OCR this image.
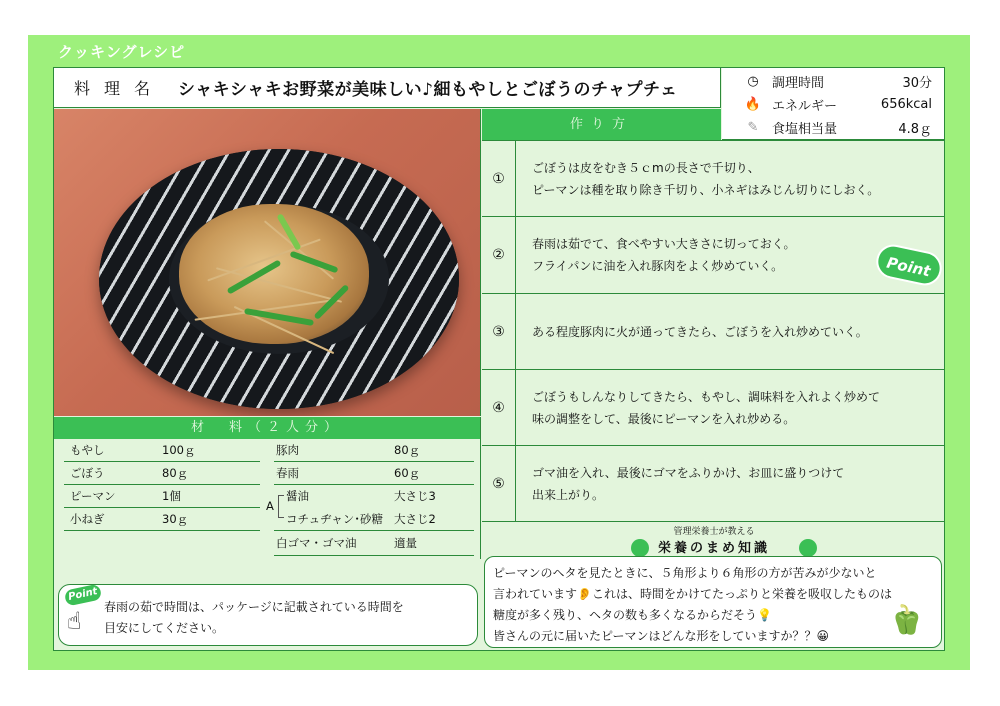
クッキングレシピ
料理名 シャキシャキお野菜が美味しい♪細もやしとごぼうのチャプチェ	◷	調理時間	30分
🔥 エネルギー	656kcal
✎	食塩相当量	4.8ｇ
材　料（２人分）
もやし	100ｇ
ごぼう	80ｇ
ピーマン	1個
小ねぎ	30ｇ
豚肉	80ｇ
春雨	60ｇ
醤油	大さじ3
コチュヂャン･砂糖 大さじ2
白ゴマ・ゴマ油	適量
A
Point
☝ 春雨の茹で時間は、パッケージに記載されている時間を
目安にしてください。
作り方
①
ごぼうは皮をむき５ｃmの長さで千切り、
ピーマンは種を取り除き千切り、小ネギはみじん切りにしおく。
②
春雨は茹でて、食べやすい大きさに切っておく。
フライパンに油を入れ豚肉をよく炒めていく。
③	ある程度豚肉に火が通ってきたら、ごぼうを入れ炒めていく。
④
ごぼうもしんなりしてきたら、もやし、調味料を入れよく炒めて
味の調整をして、最後にピーマンを入れ炒める。
⑤
ゴマ油を入れ、最後にゴマをふりかけ、お皿に盛りつけて
出来上がり。
Point
管理栄養士が教える
栄養のまめ知識
ピーマンのヘタを見たときに、５角形より６角形の方が苦みが少ないと
言われています👂これは、時間をかけてたっぷりと栄養を吸収したものは
糖度が多く残り、ヘタの数も多くなるからだそう💡
皆さんの元に届いたピーマンはどんな形をしていますか？？😀	🫑
